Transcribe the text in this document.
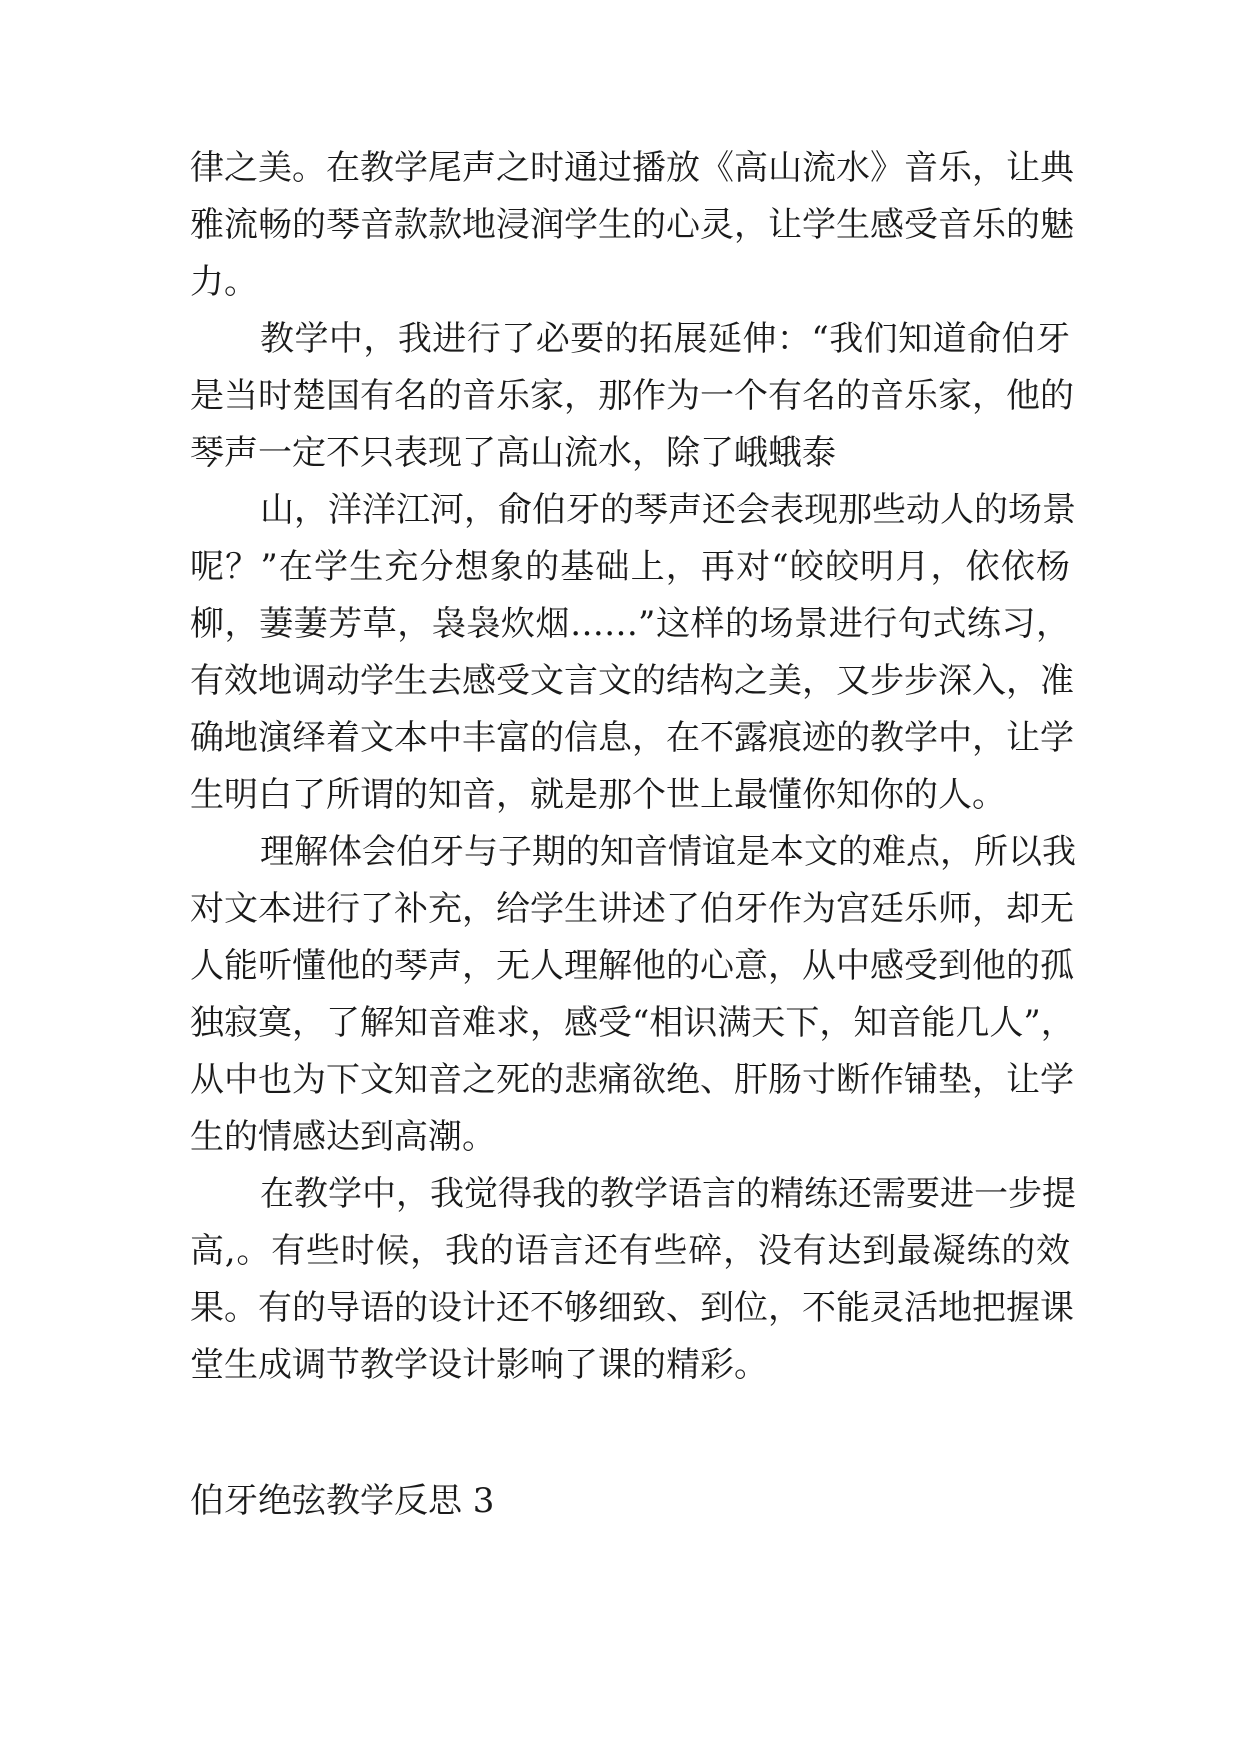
律之美。在教学尾声之时通过播放《高山流水》音乐，让典
雅流畅的琴音款款地浸润学生的心灵，让学生感受音乐的魅
力。
教学中，我进行了必要的拓展延伸：“我们知道俞伯牙
是当时楚国有名的音乐家，那作为一个有名的音乐家，他的
琴声一定不只表现了高山流水，除了峨蛾泰
山，洋洋江河，俞伯牙的琴声还会表现那些动人的场景
呢？”在学生充分想象的基础上，再对“皎皎明月，依依杨
柳，萋萋芳草，袅袅炊烟……”这样的场景进行句式练习，
有效地调动学生去感受文言文的结构之美，又步步深入，准
确地演绎着文本中丰富的信息，在不露痕迹的教学中，让学
生明白了所谓的知音，就是那个世上最懂你知你的人。
理解体会伯牙与子期的知音情谊是本文的难点，所以我
对文本进行了补充，给学生讲述了伯牙作为宫廷乐师，却无
人能听懂他的琴声，无人理解他的心意，从中感受到他的孤
独寂寞，了解知音难求，感受“相识满天下，知音能几人”，
从中也为下文知音之死的悲痛欲绝、肝肠寸断作铺垫，让学
生的情感达到高潮。
在教学中，我觉得我的教学语言的精练还需要进一步提
高,。有些时候，我的语言还有些碎，没有达到最凝练的效
果。有的导语的设计还不够细致、到位，不能灵活地把握课
堂生成调节教学设计影响了课的精彩。
伯牙绝弦教学反思 3
